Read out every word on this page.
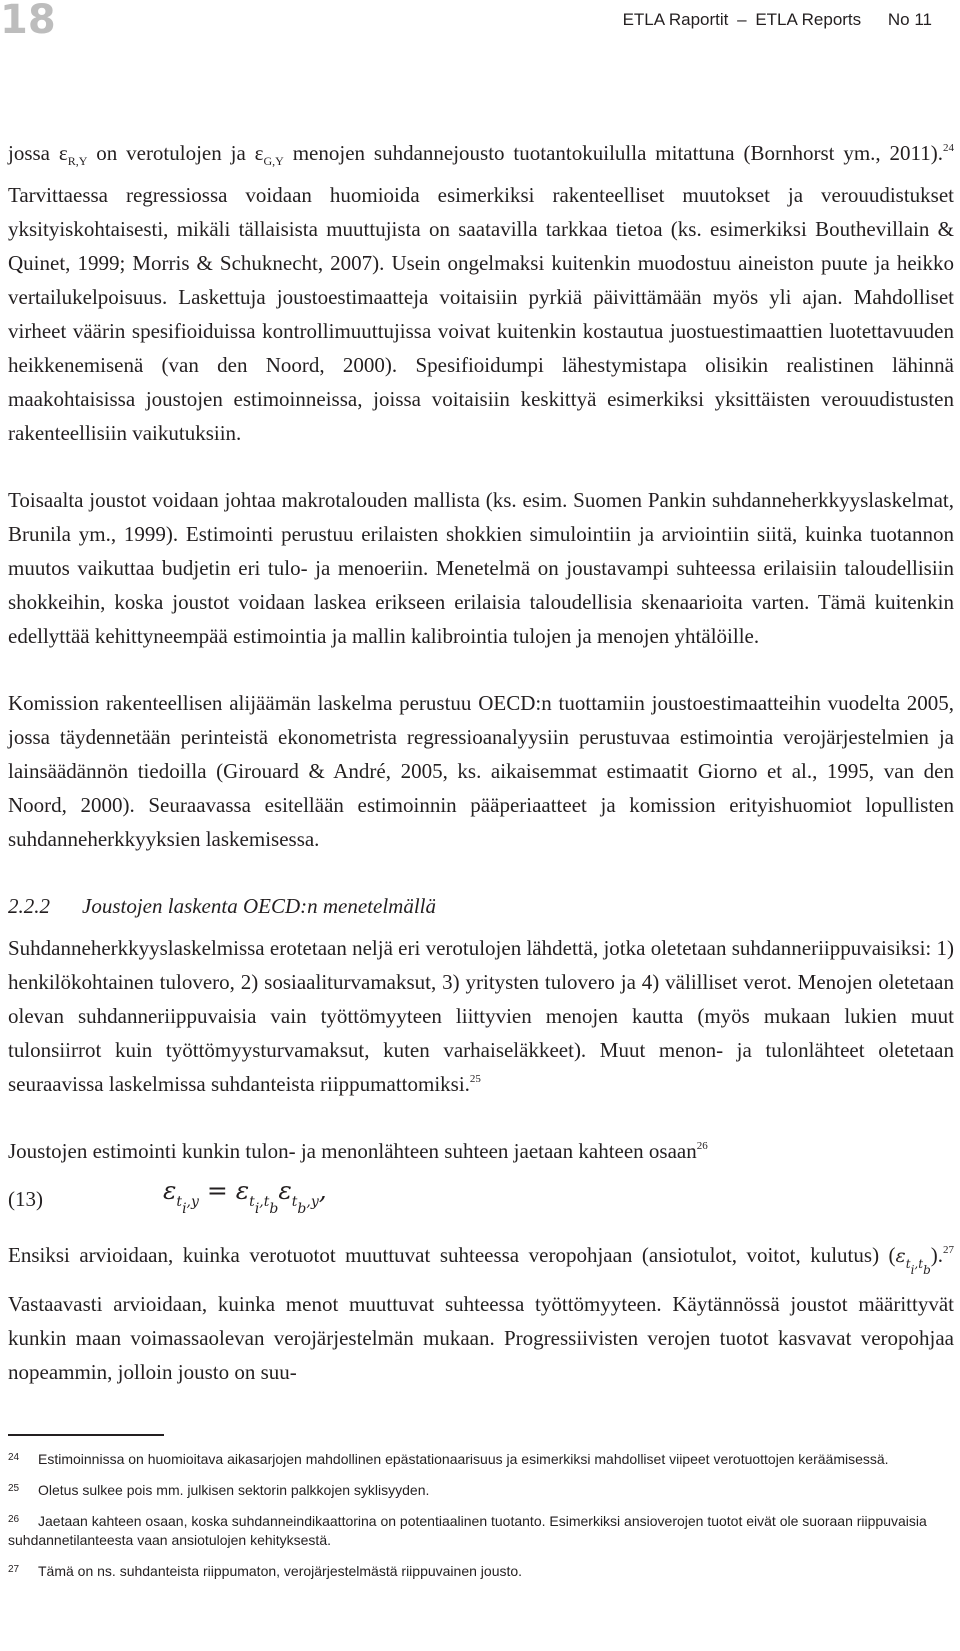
18	ETLA Raportit – ETLA Reports No 11

jossa $\varepsilon_{R,Y}$ on verotulojen ja $\varepsilon_{G,Y}$ menojen suhdannejousto tuotantokuilulla mitattuna (Bornhorst ym., 2011).$^{24}$ Tarvittaessa regressiossa voidaan huomioida esimerkiksi rakenteelliset muutokset ja verouudistukset yksityiskohtaisesti, mikäli tällaisista muuttujista on saatavilla tarkkaa tietoa (ks. esimerkiksi Bouthevillain & Quinet, 1999; Morris & Schuknecht, 2007). Usein ongelmaksi kuitenkin muodostuu aineiston puute ja heikko vertailukelpoisuus. Laskettuja joustoestimaatteja voitaisiin pyrkiä päivittämään myös yli ajan. Mahdolliset virheet väärin spesifioiduissa kontrollimuuttujissa voivat kuitenkin kostautua juostuestimaattien luotettavuuden heikkenemisenä (van den Noord, 2000). Spesifioidumpi lähestymistapa olisikin realistinen lähinnä maakohtaisissa joustojen estimoinneissa, joissa voitaisiin keskittyä esimerkiksi yksittäisten verouudistusten rakenteellisiin vaikutuksiin.

Toisaalta joustot voidaan johtaa makrotalouden mallista (ks. esim. Suomen Pankin suhdanneherkkyyslaskelmat, Brunila ym., 1999). Estimointi perustuu erilaisten shokkien simulointiin ja arviointiin siitä, kuinka tuotannon muutos vaikuttaa budjetin eri tulo- ja menoeriin. Menetelmä on joustavampi suhteessa erilaisiin taloudellisiin shokkeihin, koska joustot voidaan laskea erikseen erilaisia taloudellisia skenaarioita varten. Tämä kuitenkin edellyttää kehittyneempää estimointia ja mallin kalibrointia tulojen ja menojen yhtälöille.

Komission rakenteellisen alijäämän laskelma perustuu OECD:n tuottamiin joustoestimaatteihin vuodelta 2005, jossa täydennetään perinteistä ekonometrista regressioanalyysiin perustuvaa estimointia verojärjestelmien ja lainsäädännön tiedoilla (Girouard & André, 2005, ks. aikaisemmat estimaatit Giorno et al., 1995, van den Noord, 2000). Seuraavassa esitellään estimoinnin pääperiaatteet ja komission erityishuomiot lopullisten suhdanneherkkyyksien laskemisessa.

2.2.2 Joustojen laskenta OECD:n menetelmällä

Suhdanneherkkyyslaskelmissa erotetaan neljä eri verotulojen lähdettä, jotka oletetaan suhdanneriippuvaisiksi: 1) henkilökohtainen tulovero, 2) sosiaaliturvamaksut, 3) yritysten tulovero ja 4) välilliset verot. Menojen oletetaan olevan suhdanneriippuvaisia vain työttömyyteen liittyvien menojen kautta (myös mukaan lukien muut tulonsiirrot kuin työttömyysturvamaksut, kuten varhaiseläkkeet). Muut menon- ja tulonlähteet oletetaan seuraavissa laskelmissa suhdanteista riippumattomiksi.$^{25}$

Joustojen estimointi kunkin tulon- ja menonlähteen suhteen jaetaan kahteen osaan$^{26}$

(13)	$\varepsilon_{t_i,y} = \varepsilon_{t_i,t_b}\varepsilon_{t_b,y}$,

Ensiksi arvioidaan, kuinka verotuotot muuttuvat suhteessa veropohjaan (ansiotulot, voitot, kulutus) $(\varepsilon_{t_i,t_b}).^{27}$ Vastaavasti arvioidaan, kuinka menot muuttuvat suhteessa työttömyyteen. Käytännössä joustot määrittyvät kunkin maan voimassaolevan verojärjestelmän mukaan. Progressiivisten verojen tuotot kasvavat veropohjaa nopeammin, jolloin jousto on suu-

24 Estimoinnissa on huomioitava aikasarjojen mahdollinen epästationaarisuus ja esimerkiksi mahdolliset viipeet verotuottojen keräämisessä.
25 Oletus sulkee pois mm. julkisen sektorin palkkojen syklisyyden.
26 Jaetaan kahteen osaan, koska suhdanneindikaattorina on potentiaalinen tuotanto. Esimerkiksi ansioverojen tuotot eivät ole suoraan riippuvaisia suhdannetilanteesta vaan ansiotulojen kehityksestä.
27 Tämä on ns. suhdanteista riippumaton, verojärjestelmästä riippuvainen jousto.
